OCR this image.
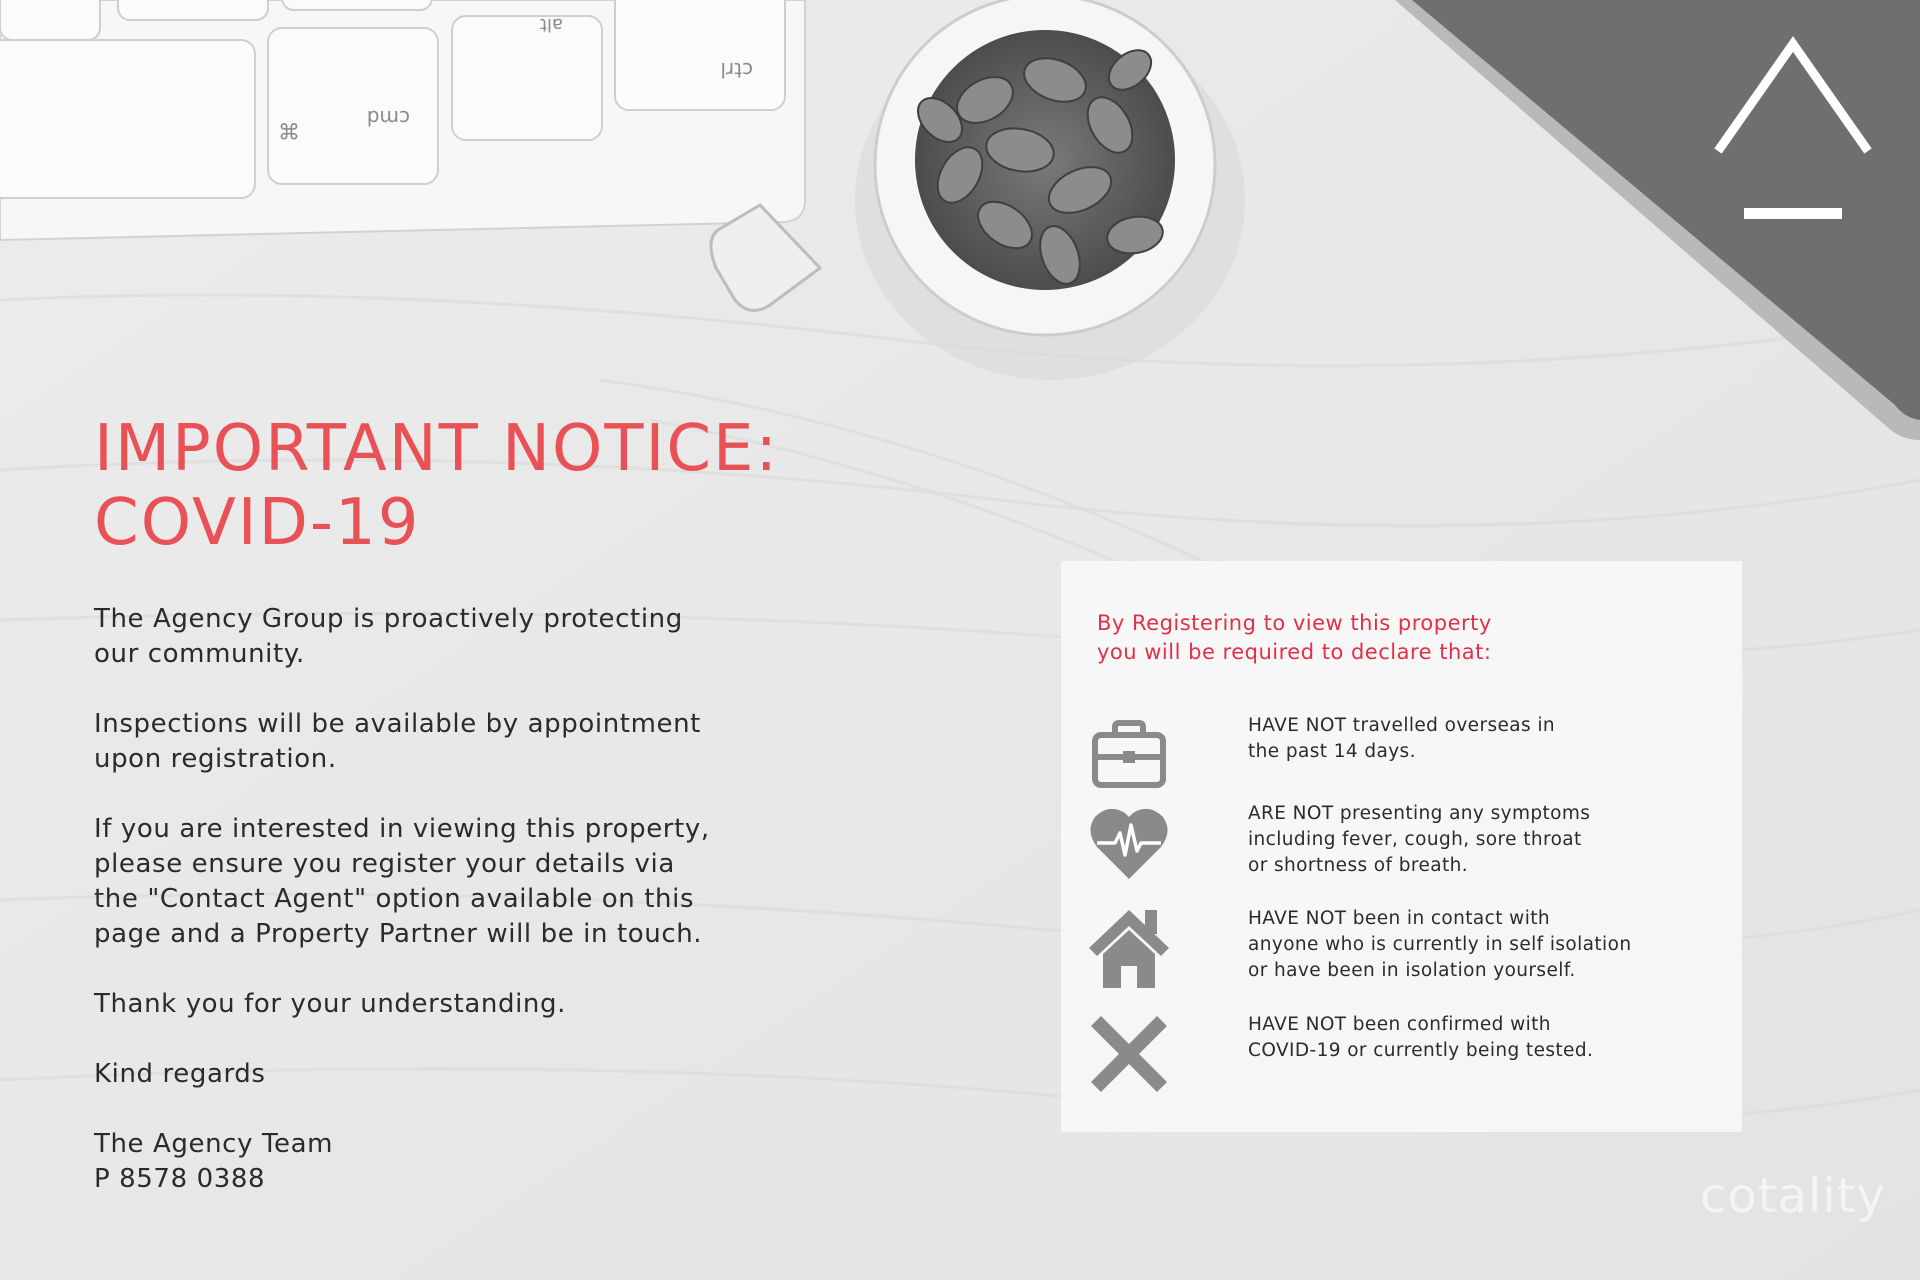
cmd
⌘
ctrl
alt
IMPORTANT NOTICE:
COVID-19

The Agency Group is proactively protecting
our community.

Inspections will be available by appointment
upon registration.

If you are interested in viewing this property,
please ensure you register your details via
the "Contact Agent" option available on this
page and a Property Partner will be in touch.

Thank you for your understanding.

Kind regards

The Agency Team
P 8578 0388
By Registering to view this property
you will be required to declare that:
HAVE NOT travelled overseas in
the past 14 days.
ARE NOT presenting any symptoms
including fever, cough, sore throat
or shortness of breath.
HAVE NOT been in contact with
anyone who is currently in self isolation
or have been in isolation yourself.
HAVE NOT been confirmed with
COVID-19 or currently being tested.
cotality
